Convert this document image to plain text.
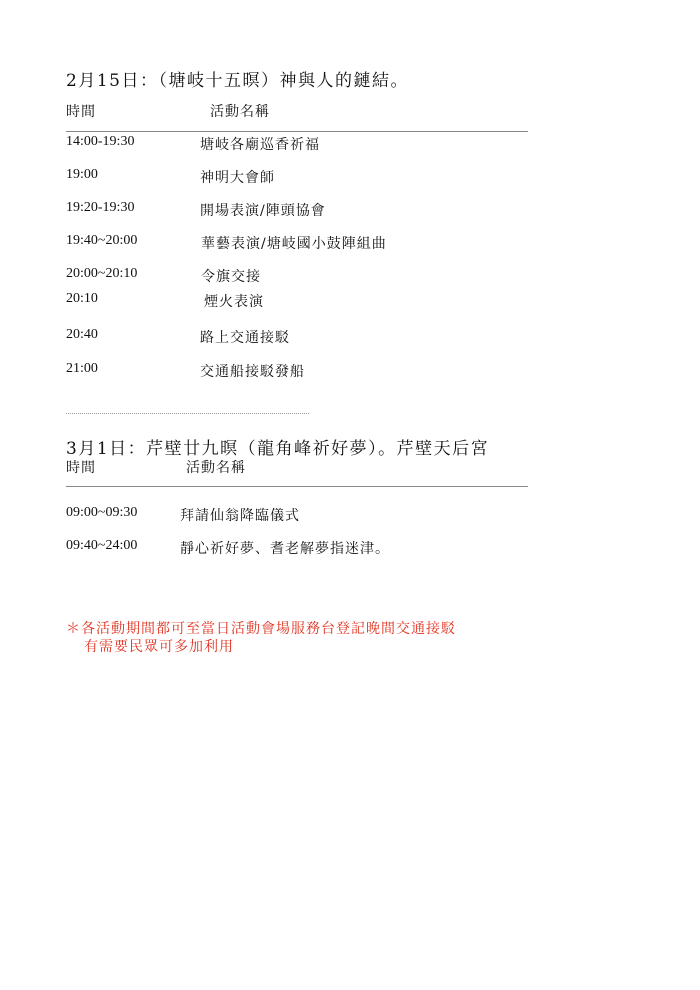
2月15日：（塘岐十五暝）神與人的鏈結。
時間	活動名稱
14:00-19:30	塘岐各廟巡香祈福
19:00	神明大會師
19:20-19:30	開場表演/陣頭協會
19:40~20:00	華藝表演/塘岐國小鼓陣組曲
20:00~20:10	令旗交接
20:10	煙火表演
20:40	路上交通接駁
21:00	交通船接駁發船
3月1日：芹壁廿九暝（龍角峰祈好夢）。芹壁天后宮
時間	活動名稱
09:00~09:30	拜請仙翁降臨儀式
09:40~24:00	靜心祈好夢、耆老解夢指迷津。
＊各活動期間都可至當日活動會場服務台登記晚間交通接駁
有需要民眾可多加利用
